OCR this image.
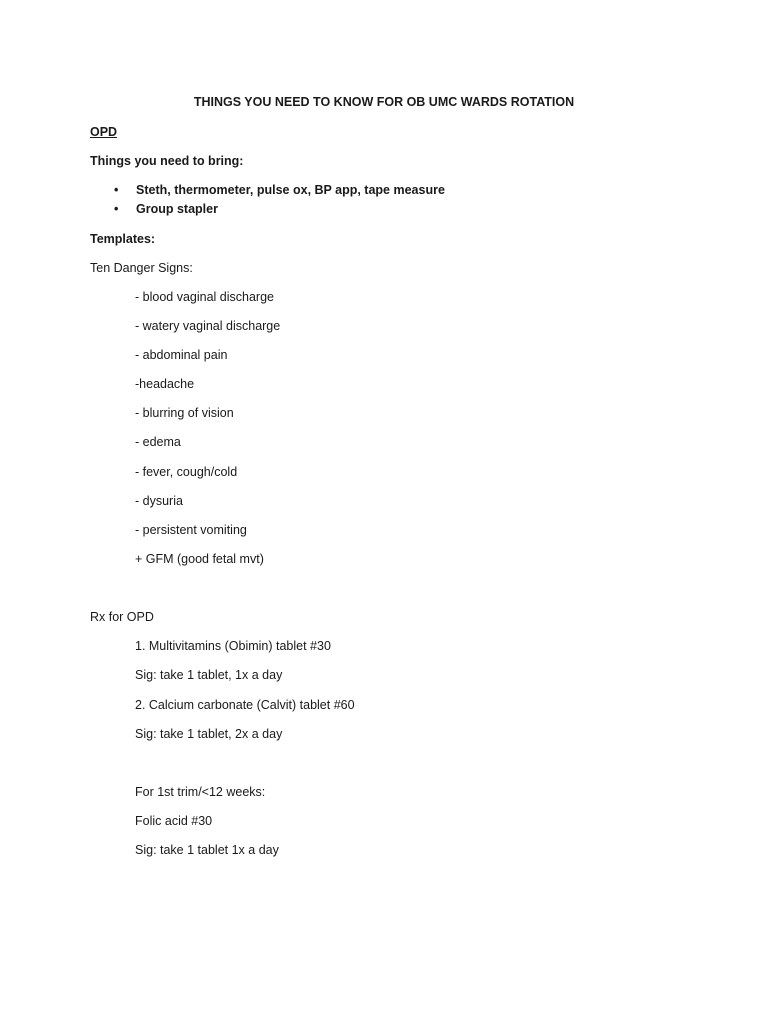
THINGS YOU NEED TO KNOW FOR OB UMC WARDS ROTATION
OPD
Things you need to bring:
• Steth, thermometer, pulse ox, BP app, tape measure
• Group stapler
Templates:
Ten Danger Signs:
- blood vaginal discharge
- watery vaginal discharge
- abdominal pain
-headache
- blurring of vision
- edema
- fever, cough/cold
- dysuria
- persistent vomiting
+ GFM (good fetal mvt)
Rx for OPD
1. Multivitamins (Obimin) tablet #30
Sig: take 1 tablet, 1x a day
2. Calcium carbonate (Calvit) tablet #60
Sig: take 1 tablet, 2x a day
For 1st trim/<12 weeks:
Folic acid #30
Sig: take 1 tablet 1x a day
